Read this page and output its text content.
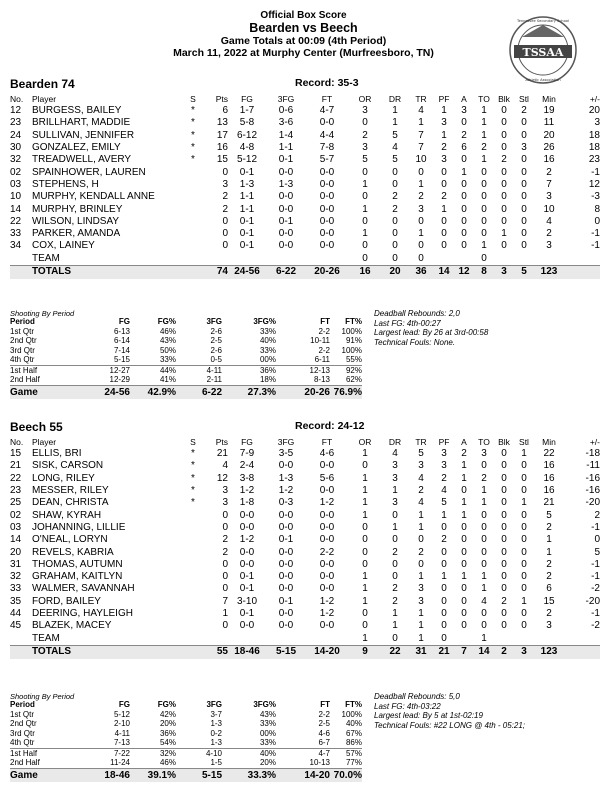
Official Box Score
Bearden vs Beech
Game Totals at 00:09 (4th Period)
March 11, 2022 at Murphy Center (Murfreesboro, TN)	TSSAA
Tennessee Secondary School
Athletic Association
Bearden 74	Record: 35-3
No.	Player	S	Pts	FG	3FG	FT	OR	DR	TR	PF	A	TO	Blk	Stl	Min	+/-
12	BURGESS, BAILEY	*	6	1-7	0-6	4-7	3	1	4	1	3	1	0	2	19	20
23	BRILLHART, MADDIE	*	13	5-8	3-6	0-0	0	1	1	3	0	1	0	0	11	3
24	SULLIVAN, JENNIFER	*	17	6-12	1-4	4-4	2	5	7	1	2	1	0	0	20	18
30	GONZALEZ, EMILY	*	16	4-8	1-1	7-8	3	4	7	2	6	2	0	3	26	18
32	TREADWELL, AVERY	*	15	5-12	0-1	5-7	5	5	10	3	0	1	2	0	16	23
02	SPAINHOWER, LAUREN		0	0-1	0-0	0-0	0	0	0	0	1	0	0	0	2	-1
03	STEPHENS, H		3	1-3	1-3	0-0	1	0	1	0	0	0	0	0	7	12
10	MURPHY, KENDALL ANNE		2	1-1	0-0	0-0	0	2	2	2	0	0	0	0	3	-3
14	MURPHY, BRINLEY		2	1-1	0-0	0-0	1	2	3	1	0	0	0	0	10	8
22	WILSON, LINDSAY		0	0-1	0-1	0-0	0	0	0	0	0	0	0	0	4	0
33	PARKER, AMANDA		0	0-1	0-0	0-0	1	0	1	0	0	0	1	0	2	-1
34	COX, LAINEY		0	0-1	0-0	0-0	0	0	0	0	0	1	0	0	3	-1
	TEAM						0	0	0			0				
	TOTALS		74	24-56	6-22	20-26	16	20	36	14	12	8	3	5	123	
Shooting By Period
Period	FG	FG%	3FG	3FG%	FT	FT%
1st Qtr	6-13	46%	2-6	33%	2-2	100%
2nd Qtr	6-14	43%	2-5	40%	10-11	91%
3rd Qtr	7-14	50%	2-6	33%	2-2	100%
4th Qtr	5-15	33%	0-5	00%	6-11	55%
1st Half	12-27	44%	4-11	36%	12-13	92%
2nd Half	12-29	41%	2-11	18%	8-13	62%
Game	24-56	42.9%	6-22	27.3%	20-26	76.9%
Deadball Rebounds: 2,0
Last FG: 4th-00:27
Largest lead: By 26 at 3rd-00:58
Technical Fouls: None.
Beech 55	Record: 24-12
No.	Player	S	Pts	FG	3FG	FT	OR	DR	TR	PF	A	TO	Blk	Stl	Min	+/-
15	ELLIS, BRI	*	21	7-9	3-5	4-6	1	4	5	3	2	3	0	1	22	-18
21	SISK, CARSON	*	4	2-4	0-0	0-0	0	3	3	3	1	0	0	0	16	-11
22	LONG, RILEY	*	12	3-8	1-3	5-6	1	3	4	2	1	2	0	0	16	-16
23	MESSER, RILEY	*	3	1-2	1-2	0-0	1	1	2	4	0	1	0	0	16	-16
25	DEAN, CHRISTA	*	3	1-8	0-3	1-2	1	3	4	5	1	1	0	1	21	-20
02	SHAW, KYRAH		0	0-0	0-0	0-0	1	0	1	1	1	0	0	0	5	2
03	JOHANNING, LILLIE		0	0-0	0-0	0-0	0	1	1	0	0	0	0	0	2	-1
14	O'NEAL, LORYN		2	1-2	0-1	0-0	0	0	0	2	0	0	0	0	1	0
20	REVELS, KABRIA		2	0-0	0-0	2-2	0	2	2	0	0	0	0	0	1	5
31	THOMAS, AUTUMN		0	0-0	0-0	0-0	0	0	0	0	0	0	0	0	2	-1
32	GRAHAM, KAITLYN		0	0-1	0-0	0-0	1	0	1	1	1	1	0	0	2	-1
33	WALMER, SAVANNAH		0	0-1	0-0	0-0	1	2	3	0	0	1	0	0	6	-2
35	FORD, BAILEY		7	3-10	0-1	1-2	1	2	3	0	0	4	2	1	15	-20
44	DEERING, HAYLEIGH		1	0-1	0-0	1-2	0	1	1	0	0	0	0	0	2	-1
45	BLAZEK, MACEY		0	0-0	0-0	0-0	0	1	1	0	0	0	0	0	3	-2
	TEAM						1	0	1	0		1				
	TOTALS		55	18-46	5-15	14-20	9	22	31	21	7	14	2	3	123	
Shooting By Period
Period	FG	FG%	3FG	3FG%	FT	FT%
1st Qtr	5-12	42%	3-7	43%	2-2	100%
2nd Qtr	2-10	20%	1-3	33%	2-5	40%
3rd Qtr	4-11	36%	0-2	00%	4-6	67%
4th Qtr	7-13	54%	1-3	33%	6-7	86%
1st Half	7-22	32%	4-10	40%	4-7	57%
2nd Half	11-24	46%	1-5	20%	10-13	77%
Game	18-46	39.1%	5-15	33.3%	14-20	70.0%
Deadball Rebounds: 5,0
Last FG: 4th-03:22
Largest lead: By 5 at 1st-02:19
Technical Fouls: #22 LONG @ 4th - 05:21;
